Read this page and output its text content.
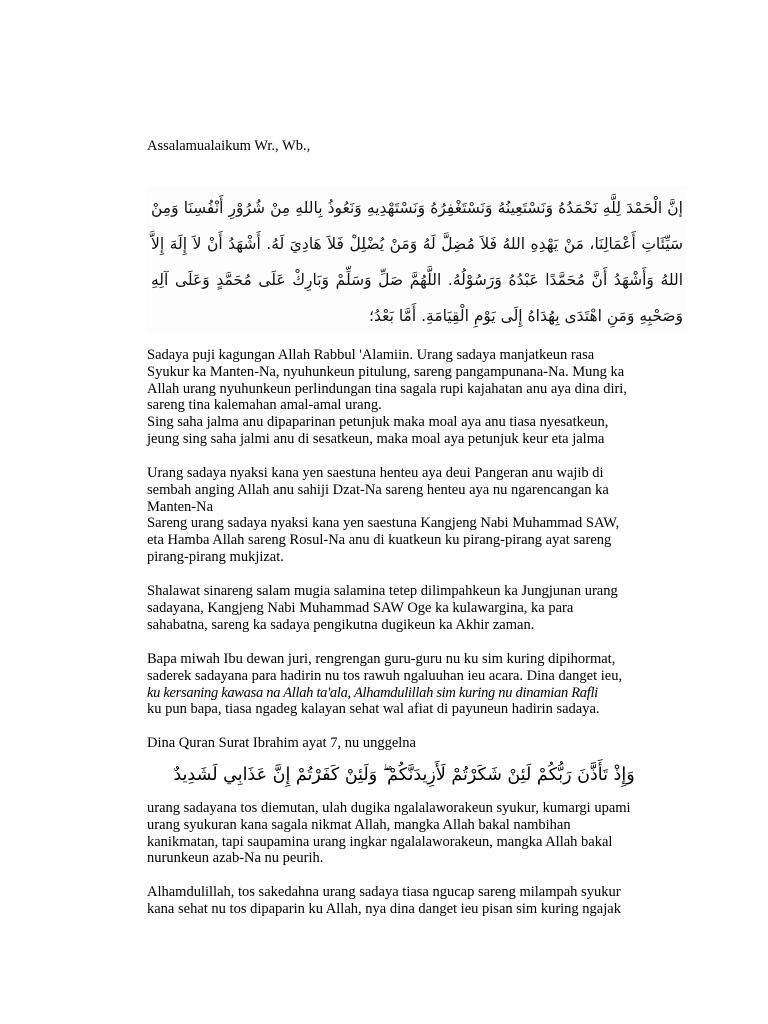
Assalamualaikum Wr., Wb.,
إنَّ الْحَمْدَ لِلَّهِ نَحْمَدُهُ وَنَسْتَعِينُهُ وَنَسْتَغْفِرُهُ وَنَسْتَهْدِيهِ وَنَعُوذُ بِاللهِ مِنْ شُرُوْرِ أَنْفُسِنَا وَمِنْ سَيِّئَاتِ أَعْمَالِنَا، مَنْ يَهْدِهِ اللهُ فَلاَ مُضِلَّ لَهُ وَمَنْ يُضْلِلْ فَلاَ هَادِيَ لَهُ. أَشْهَدُ أَنْ لاَ إِلَهَ إِلاَّ اللهُ وَأَشْهَدُ أَنَّ مُحَمَّدًا عَبْدُهُ وَرَسُوْلُهُ. اللَّهُمَّ صَلِّ وَسَلِّمْ وَبَارِكْ عَلَى مُحَمَّدٍ وَعَلَى آلِهِ وَصَحْبِهِ وَمَنِ اهْتَدَى بِهُدَاهُ إِلَى يَوْمِ الْقِيَامَةِ. أَمَّا بَعْدُ؛

Sadaya puji kagungan Allah Rabbul 'Alamiin. Urang sadaya manjatkeun rasa
Syukur ka Manten-Na, nyuhunkeun pitulung, sareng pangampunana-Na. Mung ka
Allah urang nyuhunkeun perlindungan tina sagala rupi kajahatan anu aya dina diri,
sareng tina kalemahan amal-amal urang.
Sing saha jalma anu dipaparinan petunjuk maka moal aya anu tiasa nyesatkeun,
jeung sing saha jalmi anu di sesatkeun, maka moal aya petunjuk keur eta jalma

Urang sadaya nyaksi kana yen saestuna henteu aya deui Pangeran anu wajib di
sembah anging Allah anu sahiji Dzat-Na sareng henteu aya nu ngarencangan ka
Manten-Na
Sareng urang sadaya nyaksi kana yen saestuna Kangjeng Nabi Muhammad SAW,
eta Hamba Allah sareng Rosul-Na anu di kuatkeun ku pirang-pirang ayat sareng
pirang-pirang mukjizat.

Shalawat sinareng salam mugia salamina tetep dilimpahkeun ka Jungjunan urang
sadayana, Kangjeng Nabi Muhammad SAW Oge ka kulawargina, ka para
sahabatna, sareng ka sadaya pengikutna dugikeun ka Akhir zaman.

Bapa miwah Ibu dewan juri, rengrengan guru-guru nu ku sim kuring dipihormat,
saderek sadayana para hadirin nu tos rawuh ngaluuhan ieu acara. Dina danget ieu,
ku kersaning kawasa na Allah ta'ala, Alhamdulillah sim kuring nu dinamian Rafli
ku pun bapa, tiasa ngadeg kalayan sehat wal afiat di payuneun hadirin sadaya.

Dina Quran Surat Ibrahim ayat 7, nu unggelna

وَإِذْ تَأَذَّنَ رَبُّكُمْ لَئِنْ شَكَرْتُمْ لَأَزِيدَنَّكُمْ ۖ وَلَئِنْ كَفَرْتُمْ إِنَّ عَذَابِي لَشَدِيدٌ

urang sadayana tos diemutan, ulah dugika ngalalaworakeun syukur, kumargi upami
urang syukuran kana sagala nikmat Allah, mangka Allah bakal nambihan
kanikmatan, tapi saupamina urang ingkar ngalalaworakeun, mangka Allah bakal
nurunkeun azab-Na nu peurih.

Alhamdulillah, tos sakedahna urang sadaya tiasa ngucap sareng milampah syukur
kana sehat nu tos dipaparin ku Allah, nya dina danget ieu pisan sim kuring ngajak
